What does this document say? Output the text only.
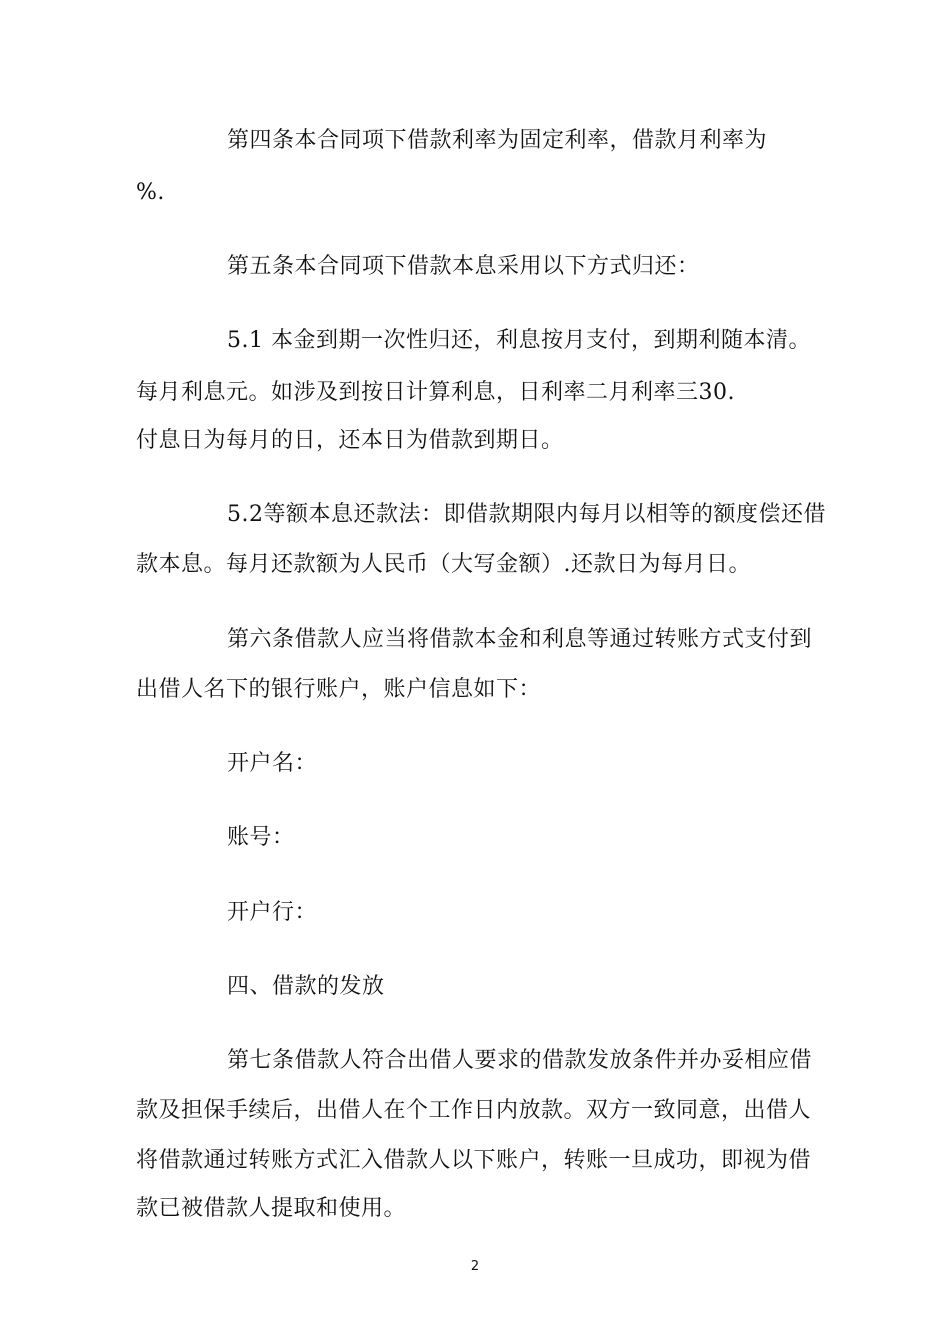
第四条本合同项下借款利率为固定利率，借款月利率为
%.
第五条本合同项下借款本息采用以下方式归还：
5.1 本金到期一次性归还，利息按月支付，到期利随本清。
每月利息元。如涉及到按日计算利息，日利率二月利率三30.
付息日为每月的日，还本日为借款到期日。
5.2等额本息还款法：即借款期限内每月以相等的额度偿还借
款本息。每月还款额为人民币（大写金额）.还款日为每月日。
第六条借款人应当将借款本金和利息等通过转账方式支付到
出借人名下的银行账户，账户信息如下：
开户名：
账号：
开户行：
四、借款的发放
第七条借款人符合出借人要求的借款发放条件并办妥相应借
款及担保手续后，出借人在个工作日内放款。双方一致同意，出借人
将借款通过转账方式汇入借款人以下账户，转账一旦成功，即视为借
款已被借款人提取和使用。
2
